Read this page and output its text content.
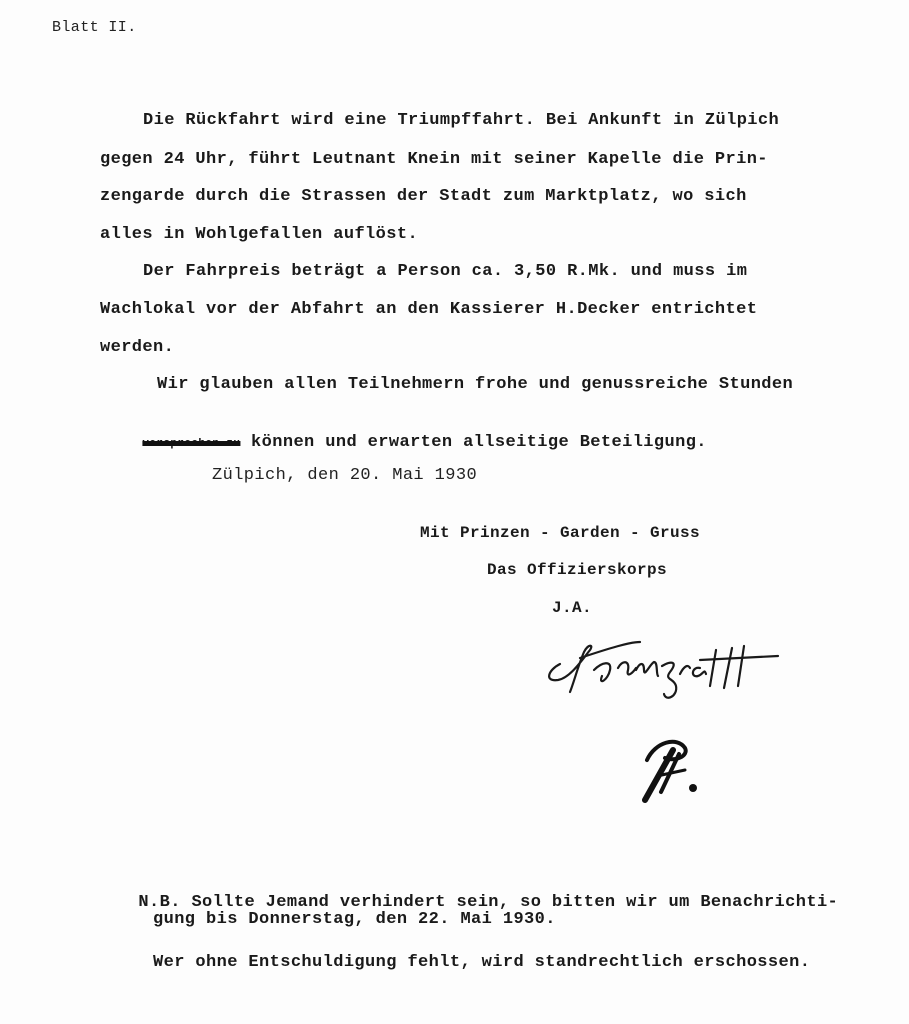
Blatt II.
Die Rückfahrt wird eine Triumpffahrt. Bei Ankunft in Zülpich
gegen 24 Uhr, führt Leutnant Knein mit seiner Kapelle die Prin-
zengarde durch die Strassen der Stadt zum Marktplatz, wo sich
alles in Wohlgefallen auflöst.
Der Fahrpreis beträgt a Person ca. 3,50 R.Mk. und muss im
Wachlokal vor der Abfahrt an den Kassierer H.Decker entrichtet
werden.
Wir glauben allen Teilnehmern frohe und genussreiche Stunden

versprechen zu können und erwarten allseitige Beteiligung.

Zülpich, den 20. Mai 1930
Mit Prinzen - Garden - Gruss
Das Offizierskorps
J.A.

N.B. Sollte Jemand verhindert sein, so bitten wir um Benachrichti-

gung bis Donnerstag, den 22. Mai 1930.
Wer ohne Entschuldigung fehlt, wird standrechtlich erschossen.
